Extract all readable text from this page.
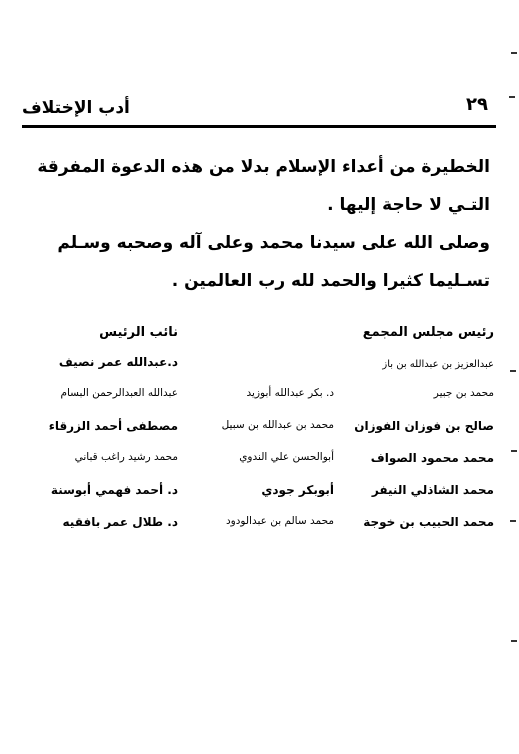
أدب الإختلاف	٢٩

الخطيرة من أعداء الإسلام بدلا من هذه الدعوة المفرقة التـي لا حاجة إليها .

وصلى الله على سيدنا محمد وعلى آله وصحبه وسـلم تسـليما كثيرا والحمد لله رب العالمين .

رئيس مجلس المجمع
نائب الرئيس
عبدالعزيز بن عبدالله بن باز
د.عبدالله عمر نصيف
محمد بن جبير
د. بكر عبدالله أبوزيد
عبدالله العبدالرحمن البسام
صالح بن فوزان الفوزان
محمد بن عبدالله بن سبيل
مصطفى أحمد الزرقاء
محمد محمود الصواف
أبوالحسن علي الندوي
محمد رشيد راغب قباني
محمد الشاذلي النيفر
أبوبكر جودي
د. أحمد فهمي أبوسنة
محمد الحبيب بن خوجة
محمد سالم بن عبدالودود
د. طلال عمر بافقيه
